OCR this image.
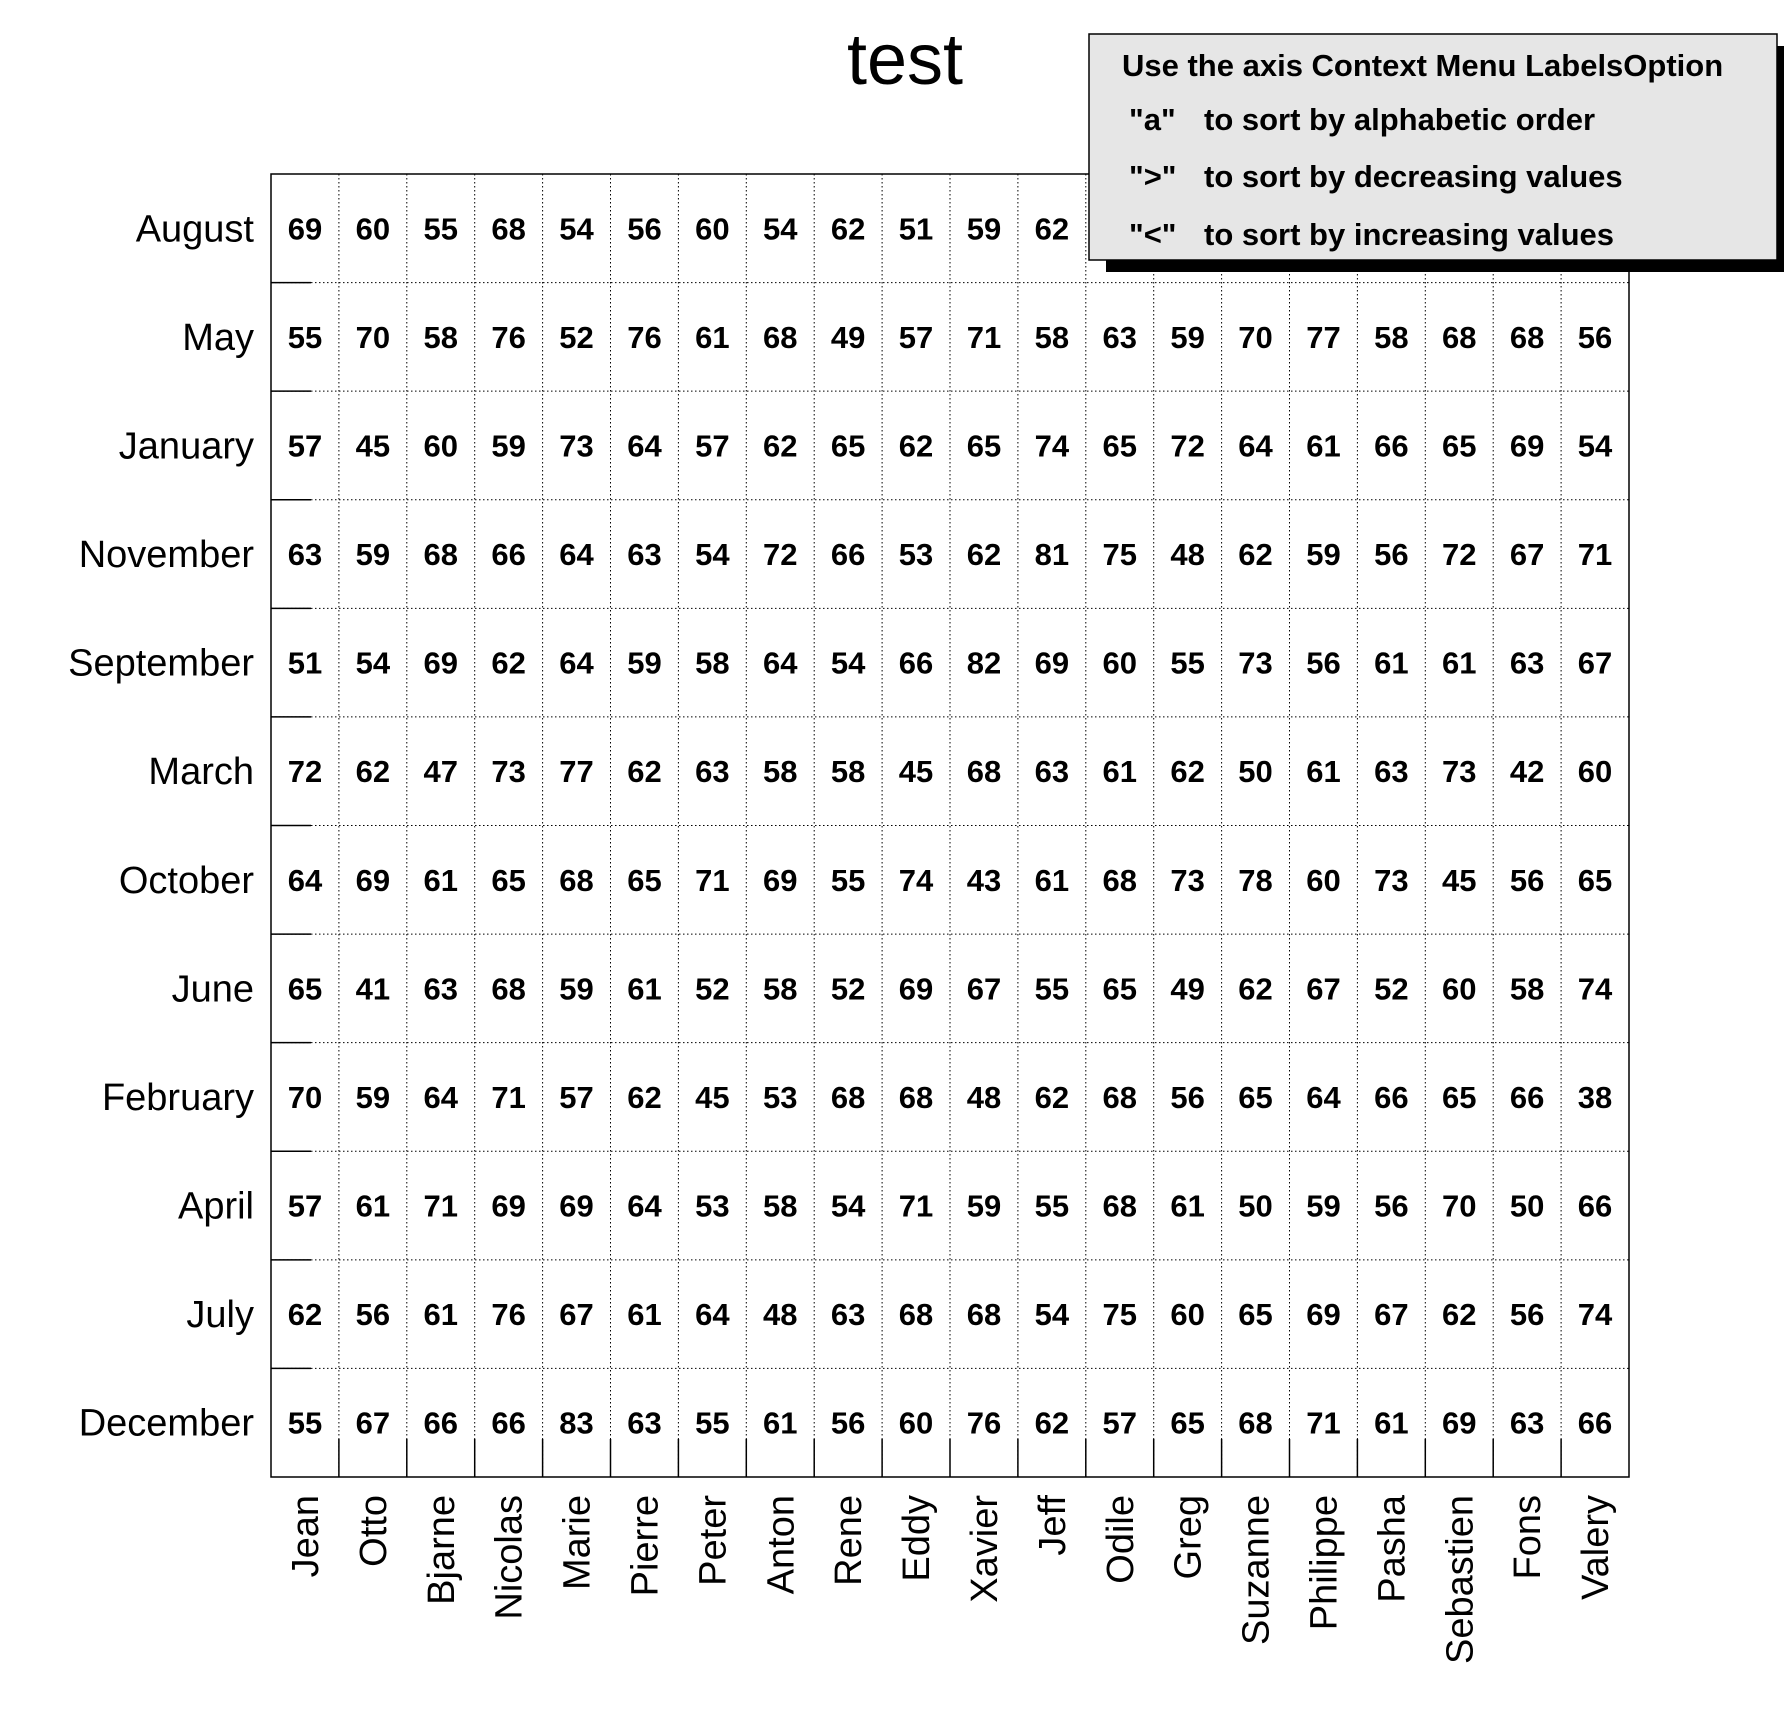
test
August
May
January
November
September
March
October
June
February
April
July
December
Jean Otto Bjarne Nicolas Marie Pierre Peter Anton Rene Eddy Xavier Jeff Odile Greg Suzanne Philippe Pasha Sebastien Fons Valery
69 60 55 68 54 56 60 54 62 51 59 62
55 70 58 76 52 76 61 68 49 57 71 58 63 59 70 77 58 68 68 56
57 45 60 59 73 64 57 62 65 62 65 74 65 72 64 61 66 65 69 54
63 59 68 66 64 63 54 72 66 53 62 81 75 48 62 59 56 72 67 71
51 54 69 62 64 59 58 64 54 66 82 69 60 55 73 56 61 61 63 67
72 62 47 73 77 62 63 58 58 45 68 63 61 62 50 61 63 73 42 60
64 69 61 65 68 65 71 69 55 74 43 61 68 73 78 60 73 45 56 65
65 41 63 68 59 61 52 58 52 69 67 55 65 49 62 67 52 60 58 74
70 59 64 71 57 62 45 53 68 68 48 62 68 56 65 64 66 65 66 38
57 61 71 69 69 64 53 58 54 71 59 55 68 61 50 59 56 70 50 66
62 56 61 76 67 61 64 48 63 68 68 54 75 60 65 69 67 62 56 74
55 67 66 66 83 63 55 61 56 60 76 62 57 65 68 71 61 69 63 66
Use the axis Context Menu LabelsOption
"a" to sort by alphabetic order
">" to sort by decreasing values
"<" to sort by increasing values
